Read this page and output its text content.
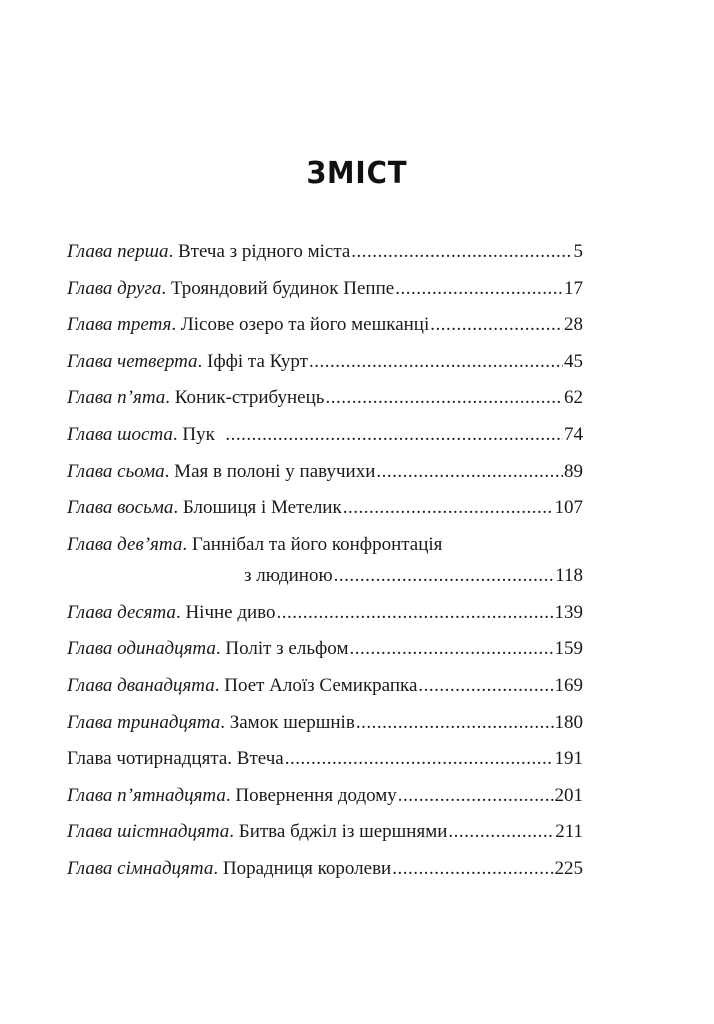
ЗМІСТ
Глава перша . Втеча з рідного міста .....	5
Глава друга . Трояндовий будинок Пеппе .....	17
Глава третя . Лісове озеро та його мешканці .....	28
Глава четверта . Іффі та Курт .....	45
Глава п’ята . Коник-стрибунець .....	62
Глава шоста . Пук .....	74
Глава сьома . Мая в полоні у павучихи .....	89
Глава восьма . Блошиця і Метелик .....	107
Глава дев’ята . Ганнібал та його конфронтація
з людиною .....	118
Глава десята . Нічне диво .....	139
Глава одинадцята . Політ з ельфом .....	159
Глава дванадцята . Поет Алоїз Семикрапка .....	169
Глава тринадцята . Замок шершнів .....	180
Глава чотирнадцята . Втеча .....	191
Глава п’ятнадцята . Повернення додому .....	201
Глава шістнадцята . Битва бджіл із шершнями .....	211
Глава сімнадцята . Порадниця королеви .....	225
